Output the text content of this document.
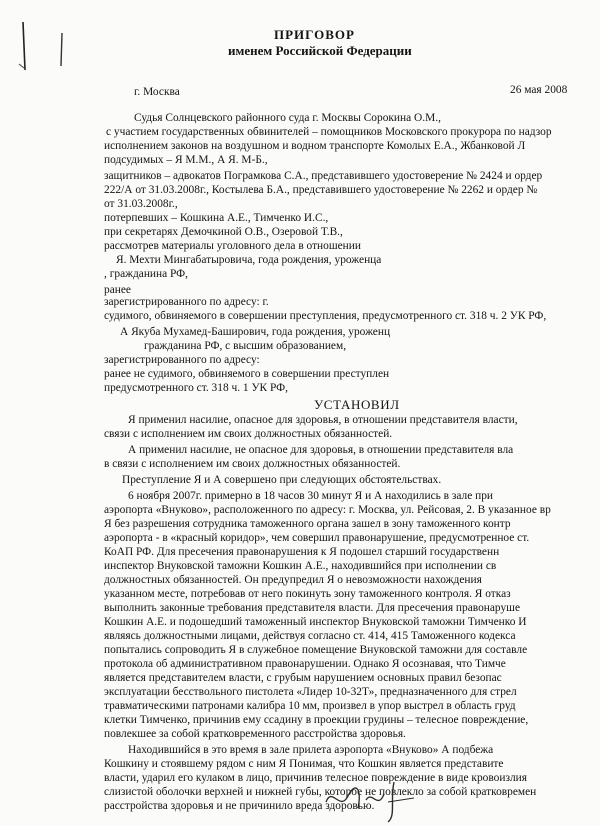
ПРИГОВОР
именем Российской Федерации
г. Москва	26 мая 2008
Судья Солнцевского районного суда г. Москвы Сорокина О.М.,
с участием государственных обвинителей – помощников Московского прокурора по надзор
исполнением законов на воздушном и водном транспорте Комолых Е.А., Жбанковой Л
подсудимых – Я М.М., А Я. М-Б.,
защитников – адвокатов Пограмкова С.А., представившего удостоверение № 2424 и ордер
222/А от 31.03.2008г., Костылева Б.А., представившего удостоверение № 2262 и ордер №
от 31.03.2008г.,
потерпевших – Кошкина А.Е., Тимченко И.С.,
при секретарях Демочкиной О.В., Озеровой Т.В.,
рассмотрев материалы уголовного дела в отношении
Я. Мехти Мингабатыровича, года рождения, уроженца
, гражданина РФ,
ранее
зарегистрированного по адресу: г.
судимого, обвиняемого в совершении преступления, предусмотренного ст. 318 ч. 2 УК РФ,
А Якуба Мухамед-Баширович, года рождения, уроженц
гражданина РФ, с высшим образованием,
зарегистрированного по адресу:
ранее не судимого, обвиняемого в совершении преступлен
предусмотренного ст. 318 ч. 1 УК РФ,
УСТАНОВИЛ
Я применил насилие, опасное для здоровья, в отношении представителя власти,
связи с исполнением им своих должностных обязанностей.
А применил насилие, не опасное для здоровья, в отношении представителя вла
в связи с исполнением им своих должностных обязанностей.
Преступление Я и А совершено при следующих обстоятельствах.
6 ноября 2007г. примерно в 18 часов 30 минут Я и А находились в зале при
аэропорта «Внуково», расположенного по адресу: г. Москва, ул. Рейсовая, 2. В указанное вр
Я без разрешения сотрудника таможенного органа зашел в зону таможенного контр
аэропорта - в «красный коридор», чем совершил правонарушение, предусмотренное ст.
КоАП РФ. Для пресечения правонарушения к Я подошел старший государственн
инспектор Внуковской таможни Кошкин А.Е., находившийся при исполнении св
должностных обязанностей. Он предупредил Я о невозможности нахождения
указанном месте, потребовав от него покинуть зону таможенного контроля. Я отказ
выполнить законные требования представителя власти. Для пресечения правонаруше
Кошкин А.Е. и подошедший таможенный инспектор Внуковской таможни Тимченко И
являясь должностными лицами, действуя согласно ст. 414, 415 Таможенного кодекса
попытались сопроводить Я в служебное помещение Внуковской таможни для составле
протокола об административном правонарушении. Однако Я осознавая, что Тимче
является представителем власти, с грубым нарушением основных правил безопас
эксплуатации бесствольного пистолета «Лидер 10-32Т», предназначенного для стрел
травматическими патронами калибра 10 мм, произвел в упор выстрел в область груд
клетки Тимченко, причинив ему ссадину в проекции грудины – телесное повреждение,
повлекшее за собой кратковременного расстройства здоровья.
Находившийся в это время в зале прилета аэропорта «Внуково» А подбежа
Кошкину и стоявшему рядом с ним Я Понимая, что Кошкин является представите
власти, ударил его кулаком в лицо, причинив телесное повреждение в виде кровоизлия
слизистой оболочки верхней и нижней губы, которое не повлекло за собой кратковремен
расстройства здоровья и не причинило вреда здоровью.
